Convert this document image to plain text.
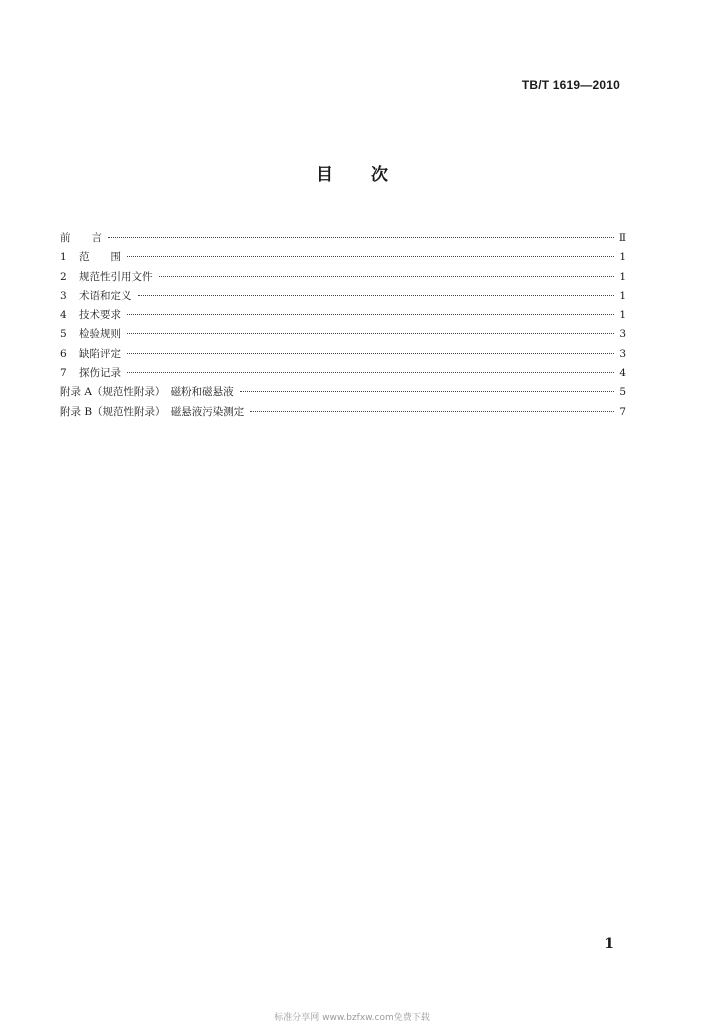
TB/T 1619—2010
目次
前　　言	Ⅱ
1 范　　围	1
2 规范性引用文件	1
3 术语和定义	1
4 技术要求	1
5 检验规则	3
6 缺陷评定	3
7 探伤记录	4
附录 A（规范性附录）　磁粉和磁悬液	5
附录 B（规范性附录）　磁悬液污染测定	7
1
标准分享网 www.bzfxw.com免费下载
